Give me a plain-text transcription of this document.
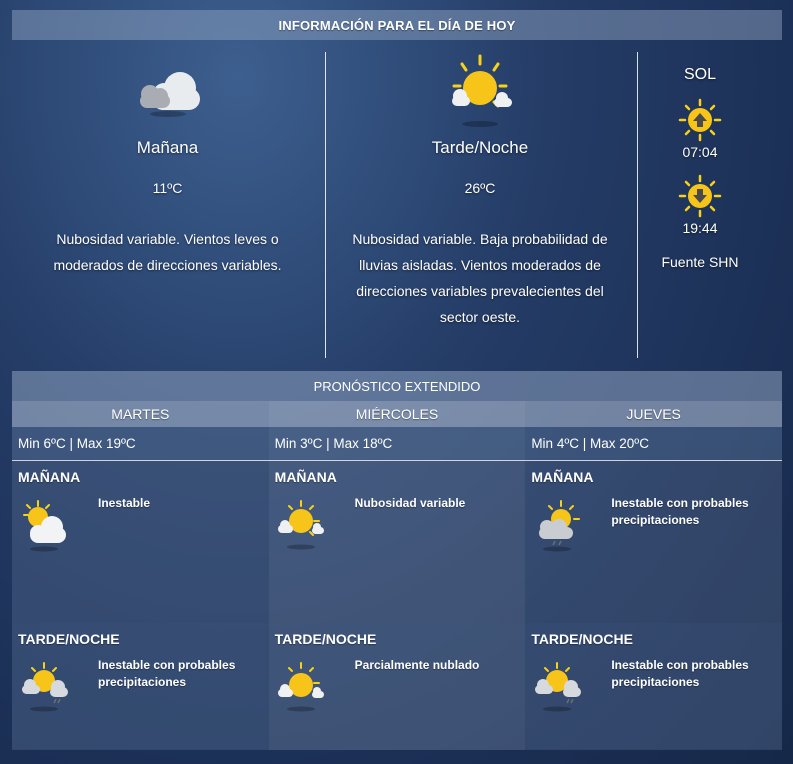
INFORMACIÓN PARA EL DÍA DE HOY
Mañana
11ºC
Nubosidad variable. Vientos leves o moderados de direcciones variables.
Tarde/Noche
26ºC
Nubosidad variable. Baja probabilidad de lluvias aisladas. Vientos moderados de direcciones variables prevalecientes del sector oeste.
SOL
07:04
19:44
Fuente SHN
PRONÓSTICO EXTENDIDO
MARTES
Min 6ºC | Max 19ºC
MAÑANA
Inestable
TARDE/NOCHE
Inestable con probables precipitaciones
MIÉRCOLES
Min 3ºC | Max 18ºC
MAÑANA
Nubosidad variable
TARDE/NOCHE
Parcialmente nublado
JUEVES
Min 4ºC | Max 20ºC
MAÑANA
Inestable con probables precipitaciones
TARDE/NOCHE
Inestable con probables precipitaciones
